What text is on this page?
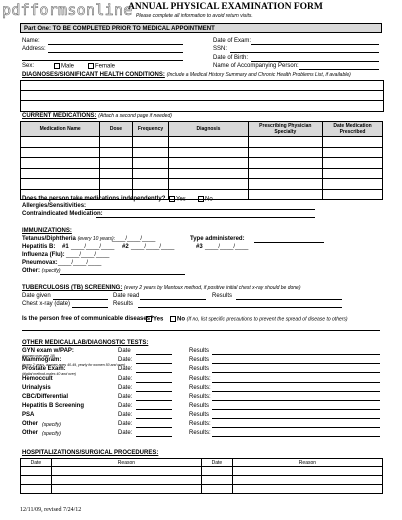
pdfformsonline
ANNUAL PHYSICAL EXAMINATION FORM
Please complete all information to avoid return visits.
Part One: TO BE COMPLETED PRIOR TO MEDICAL APPOINTMENT
Name:
Address:
Date of Exam:
SSN:
Date of Birth:
Sex:	Male	Female	Name of Accompanying Person:
DIAGNOSES/SIGNIFICANT HEALTH CONDITIONS: (Include a Medical History Summary and Chronic Health Problems List, if available)
CURRENT MEDICATIONS: (Attach a second page if needed)
Medication Name	Dose	Frequency	Diagnosis	Prescribing Physician Specialty	Date Medication Prescribed

Does the person take medications independently?	Yes	No
Allergies/Sensitivities:
Contraindicated Medication:
IMMUNIZATIONS:
Tetanus/Diphtheria (every 10 years):
____/____/____	Type administered:
Hepatitis B: #1 ____/____/____ #2 ____/____/____	#3 ____/____/____
Influenza (Flu): ____/____/____
Pneumovax: ____/____/____
Other: (specify)
TUBERCULOSIS (TB) SCREENING: (every 2 years by Mantoux method, if positive initial chest x-ray should be done)
Date given	Date read	Results
Chest x-ray (date)	Results
Is the person free of communicable diseases? Yes	No (If no, list specific precautions to prevent the spread of disease to others)
OTHER MEDICAL/LAB/DIAGNOSTIC TESTS:
GYN exam w/PAP:
(women over age 18)
Date	Results
Mammogram:
(every 2 years- women ages 40-49, yearly for women 50 and over)
Date:	Results
Prostate Exam:
(digital method-males 40 and over)
Date:	Results
Hemoccult	Date:	Results:
Urinalysis	Date:	Results:
CBC/Differential	Date:	Results:
Hepatitis B Screening	Date:	Results
PSA	Date:	Results
Other (specify)	Date:	Results:
Other (specify)	Date:	Results:
HOSPITALIZATIONS/SURGICAL PROCEDURES:
Date	Reason	Date	Reason

12/11/09, revised 7/24/12
